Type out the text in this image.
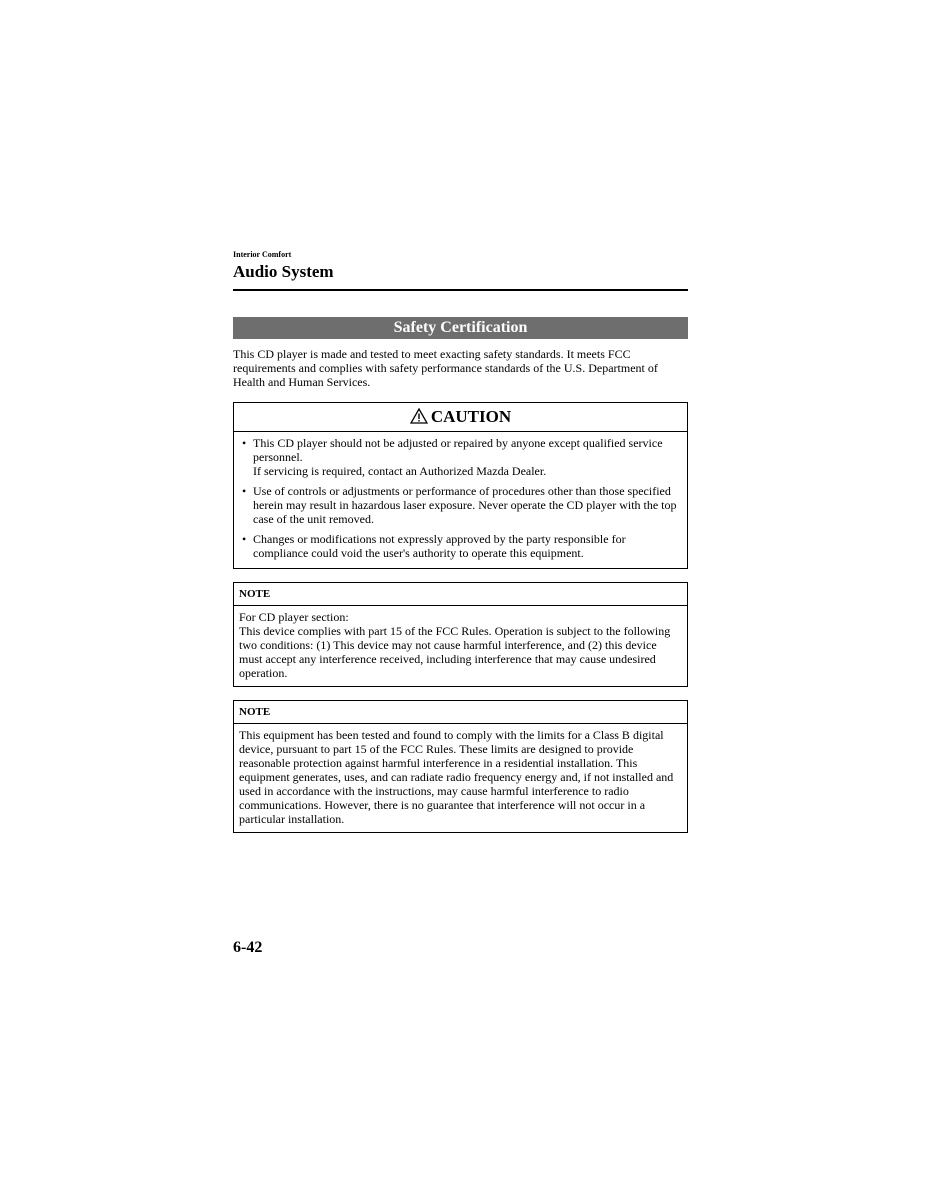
Interior Comfort

Audio System
Safety Certification

This CD player is made and tested to meet exacting safety standards. It meets FCC requirements and complies with safety performance standards of the U.S. Department of Health and Human Services.

CAUTION
• This CD player should not be adjusted or repaired by anyone except qualified service personnel.
If servicing is required, contact an Authorized Mazda Dealer.
• Use of controls or adjustments or performance of procedures other than those specified herein may result in hazardous laser exposure. Never operate the CD player with the top case of the unit removed.
• Changes or modifications not expressly approved by the party responsible for compliance could void the user's authority to operate this equipment.
NOTE
For CD player section:
This device complies with part 15 of the FCC Rules. Operation is subject to the following two conditions: (1) This device may not cause harmful interference, and (2) this device must accept any interference received, including interference that may cause undesired operation.
NOTE
This equipment has been tested and found to comply with the limits for a Class B digital device, pursuant to part 15 of the FCC Rules. These limits are designed to provide reasonable protection against harmful interference in a residential installation. This equipment generates, uses, and can radiate radio frequency energy and, if not installed and used in accordance with the instructions, may cause harmful interference to radio communications. However, there is no guarantee that interference will not occur in a particular installation.
6-42
